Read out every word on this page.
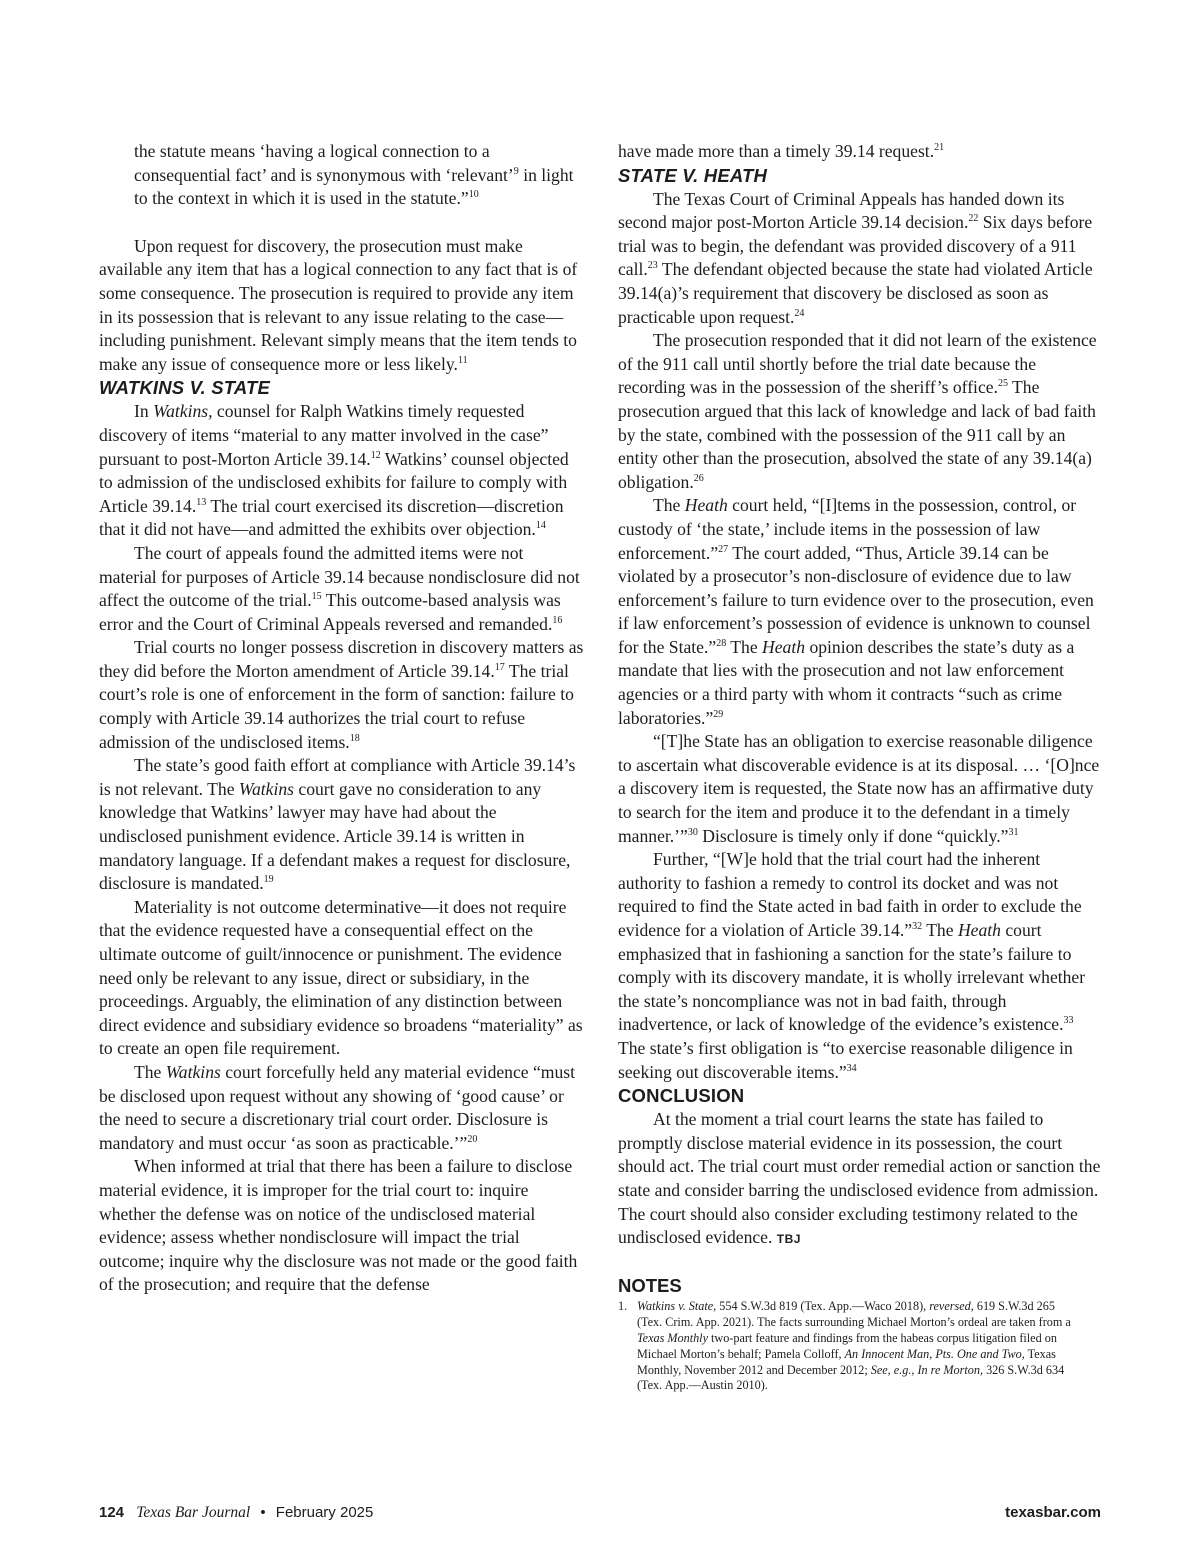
the statute means ‘having a logical connection to a consequential fact’ and is synonymous with ‘relevant’$^9$ in light to the context in which it is used in the statute.”$^{10}$

Upon request for discovery, the prosecution must make available any item that has a logical connection to any fact that is of some consequence. The prosecution is required to provide any item in its possession that is relevant to any issue relating to the case—including punishment. Relevant simply means that the item tends to make any issue of consequence more or less likely.$^{11}$

WATKINS V. STATE

In Watkins, counsel for Ralph Watkins timely requested discovery of items “material to any matter involved in the case” pursuant to post-Morton Article 39.14.12 Watkins’ counsel objected to admission of the undisclosed exhibits for failure to comply with Article 39.14.13 The trial court exercised its discretion—discretion that it did not have—and admitted the exhibits over objection.$^{14}$

The court of appeals found the admitted items were not material for purposes of Article 39.14 because nondisclosure did not affect the outcome of the trial.$^{15}$ This outcome-based analysis was error and the Court of Criminal Appeals reversed and remanded.$^{16}$

Trial courts no longer possess discretion in discovery matters as they did before the Morton amendment of Article 39.14.17 The trial court’s role is one of enforcement in the form of sanction: failure to comply with Article 39.14 authorizes the trial court to refuse admission of the undisclosed items.$^{18}$

The state’s good faith effort at compliance with Article 39.14’s is not relevant. The Watkins court gave no consideration to any knowledge that Watkins’ lawyer may have had about the undisclosed punishment evidence. Article 39.14 is written in mandatory language. If a defendant makes a request for disclosure, disclosure is mandated.$^{19}$

Materiality is not outcome determinative—it does not require that the evidence requested have a consequential effect on the ultimate outcome of guilt/innocence or punishment. The evidence need only be relevant to any issue, direct or subsidiary, in the proceedings. Arguably, the elimination of any distinction between direct evidence and subsidiary evidence so broadens “materiality” as to create an open file requirement.

The Watkins court forcefully held any material evidence “must be disclosed upon request without any showing of ‘good cause’ or the need to secure a discretionary trial court order. Disclosure is mandatory and must occur ‘as soon as practicable.’”$^{20}$

When informed at trial that there has been a failure to disclose material evidence, it is improper for the trial court to: inquire whether the defense was on notice of the undisclosed material evidence; assess whether nondisclosure will impact the trial outcome; inquire why the disclosure was not made or the good faith of the prosecution; and require that the defense

have made more than a timely 39.14 request.$^{21}$

STATE V. HEATH

The Texas Court of Criminal Appeals has handed down its second major post-Morton Article 39.14 decision.$^{22}$ Six days before trial was to begin, the defendant was provided discovery of a 911 call.$^{23}$ The defendant objected because the state had violated Article 39.14(a)’s requirement that discovery be disclosed as soon as practicable upon request.$^{24}$

The prosecution responded that it did not learn of the existence of the 911 call until shortly before the trial date because the recording was in the possession of the sheriff’s office.$^{25}$ The prosecution argued that this lack of knowledge and lack of bad faith by the state, combined with the possession of the 911 call by an entity other than the prosecution, absolved the state of any 39.14(a) obligation.$^{26}$

The Heath court held, “[I]tems in the possession, control, or custody of ‘the state,’ include items in the possession of law enforcement.”$^{27}$ The court added, “Thus, Article 39.14 can be violated by a prosecutor’s non-disclosure of evidence due to law enforcement’s failure to turn evidence over to the prosecution, even if law enforcement’s possession of evidence is unknown to counsel for the State.”$^{28}$ The Heath opinion describes the state’s duty as a mandate that lies with the prosecution and not law enforcement agencies or a third party with whom it contracts “such as crime laboratories.”$^{29}$

“[T]he State has an obligation to exercise reasonable diligence to ascertain what discoverable evidence is at its disposal. … ‘[O]nce a discovery item is requested, the State now has an affirmative duty to search for the item and produce it to the defendant in a timely manner.’”$^{30}$ Disclosure is timely only if done “quickly.”$^{31}$

Further, “[W]e hold that the trial court had the inherent authority to fashion a remedy to control its docket and was not required to find the State acted in bad faith in order to exclude the evidence for a violation of Article 39.14.”$^{32}$ The Heath court emphasized that in fashioning a sanction for the state’s failure to comply with its discovery mandate, it is wholly irrelevant whether the state’s noncompliance was not in bad faith, through inadvertence, or lack of knowledge of the evidence’s existence.$^{33}$ The state’s first obligation is “to exercise reasonable diligence in seeking out discoverable items.”$^{34}$

CONCLUSION

At the moment a trial court learns the state has failed to promptly disclose material evidence in its possession, the court should act. The trial court must order remedial action or sanction the state and consider barring the undisclosed evidence from admission. The court should also consider excluding testimony related to the undisclosed evidence. TBJ

NOTES

1. Watkins v. State, 554 S.W.3d 819 (Tex. App.—Waco 2018), reversed, 619 S.W.3d 265 (Tex. Crim. App. 2021). The facts surrounding Michael Morton’s ordeal are taken from a Texas Monthly two-part feature and findings from the habeas corpus litigation filed on Michael Morton’s behalf; Pamela Colloff, An Innocent Man, Pts. One and Two, Texas Monthly, November 2012 and December 2012; See, e.g., In re Morton, 326 S.W.3d 634 (Tex. App.—Austin 2010).

124 Texas Bar Journal • February 2025	texasbar.com
